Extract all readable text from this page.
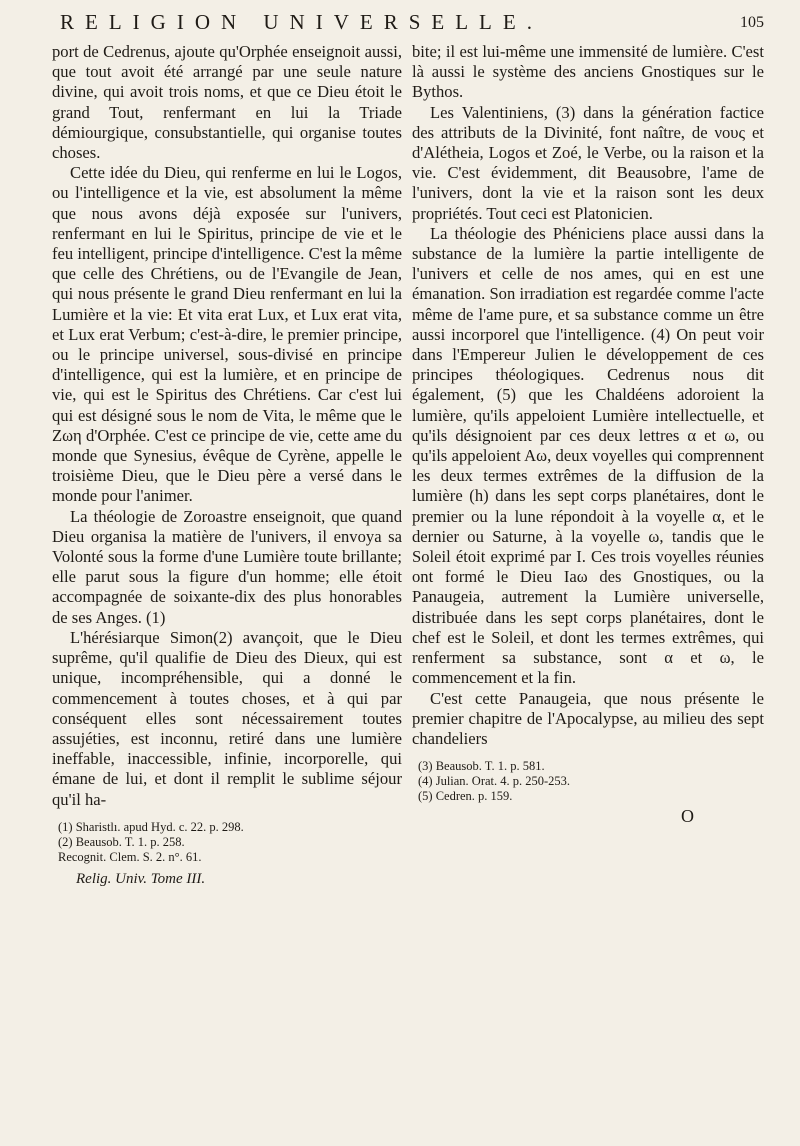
RELIGION UNIVERSELLE.	105

port de Cedrenus, ajoute qu'Orphée enseignoit aussi, que tout avoit été arrangé par une seule nature divine, qui avoit trois noms, et que ce Dieu étoit le grand Tout, renfermant en lui la Triade démiourgique, consubstantielle, qui organise toutes choses.

Cette idée du Dieu, qui renferme en lui le Logos, ou l'intelligence et la vie, est absolument la même que nous avons déjà exposée sur l'univers, renfermant en lui le Spiritus, principe de vie et le feu intelligent, principe d'intelligence. C'est la même que celle des Chrétiens, ou de l'Evangile de Jean, qui nous présente le grand Dieu renfermant en lui la Lumière et la vie: Et vita erat Lux, et Lux erat vita, et Lux erat Verbum; c'est-à-dire, le premier principe, ou le principe universel, sous-divisé en principe d'intelligence, qui est la lumière, et en principe de vie, qui est le Spiritus des Chrétiens. Car c'est lui qui est désigné sous le nom de Vita, le même que le Zωη d'Orphée. C'est ce principe de vie, cette ame du monde que Synesius, évêque de Cyrène, appelle le troisième Dieu, que le Dieu père a versé dans le monde pour l'animer.

La théologie de Zoroastre enseignoit, que quand Dieu organisa la matière de l'univers, il envoya sa Volonté sous la forme d'une Lumière toute brillante; elle parut sous la figure d'un homme; elle étoit accompagnée de soixante-dix des plus honorables de ses Anges. (1)

L'hérésiarque Simon(2) avançoit, que le Dieu suprême, qu'il qualifie de Dieu des Dieux, qui est unique, incompréhensible, qui a donné le commencement à toutes choses, et à qui par conséquent elles sont nécessairement toutes assujéties, est inconnu, retiré dans une lumière ineffable, inaccessible, infinie, incorporelle, qui émane de lui, et dont il remplit le sublime séjour qu'il ha-

(1) Sharistlı. apud Hyd. c. 22. p. 298.
(2) Beausob. T. 1. p. 258.
Recognit. Clem. S. 2. n°. 61.
Relig. Univ. Tome III.

bite; il est lui-même une immensité de lumière. C'est là aussi le système des anciens Gnostiques sur le Bythos.

Les Valentiniens, (3) dans la génération factice des attributs de la Divinité, font naître, de νους et d'Alétheia, Logos et Zoé, le Verbe, ou la raison et la vie. C'est évidemment, dit Beausobre, l'ame de l'univers, dont la vie et la raison sont les deux propriétés. Tout ceci est Platonicien.

La théologie des Phéniciens place aussi dans la substance de la lumière la partie intelligente de l'univers et celle de nos ames, qui en est une émanation. Son irradiation est regardée comme l'acte même de l'ame pure, et sa substance comme un être aussi incorporel que l'intelligence. (4) On peut voir dans l'Empereur Julien le développement de ces principes théologiques. Cedrenus nous dit également, (5) que les Chaldéens adoroient la lumière, qu'ils appeloient Lumière intellectuelle, et qu'ils désignoient par ces deux lettres α et ω, ou qu'ils appeloient Aω, deux voyelles qui comprennent les deux termes extrêmes de la diffusion de la lumière (h) dans les sept corps planétaires, dont le premier ou la lune répondoit à la voyelle α, et le dernier ou Saturne, à la voyelle ω, tandis que le Soleil étoit exprimé par I. Ces trois voyelles réunies ont formé le Dieu Iaω des Gnostiques, ou la Panaugeia, autrement la Lumière universelle, distribuée dans les sept corps planétaires, dont le chef est le Soleil, et dont les termes extrêmes, qui renferment sa substance, sont α et ω, le commencement et la fin.

C'est cette Panaugeia, que nous présente le premier chapitre de l'Apocalypse, au milieu des sept chandeliers

(3) Beausob. T. 1. p. 581.
(4) Julian. Orat. 4. p. 250-253.
(5) Cedren. p. 159.
O
